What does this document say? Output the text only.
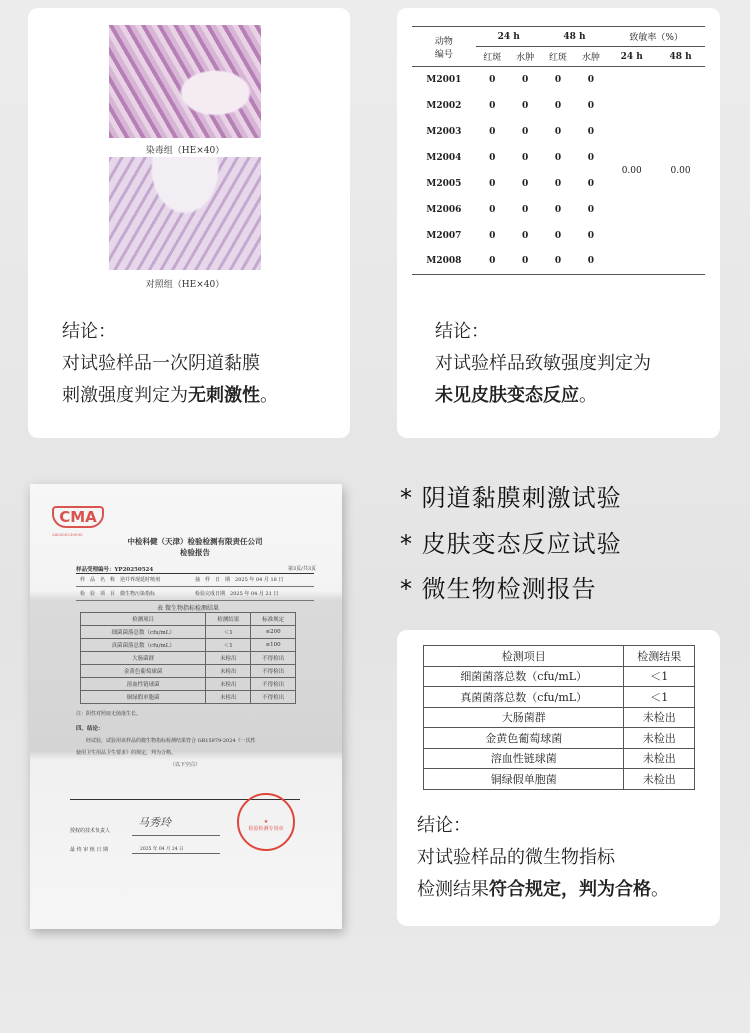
染毒组（HE×40）
对照组（HE×40）
结论：
对试验样品一次阴道黏膜
刺激强度判定为无刺激性。
动物
编号	24 h		48 h		致敏率（%）	
	红斑	水肿	红斑	水肿	24 h	48 h
M2001	0	0	0	0	0.00	0.00
M2002	0	0	0	0		
M2003	0	0	0	0		
M2004	0	0	0	0		
M2005	0	0	0	0		
M2006	0	0	0	0		
M2007	0	0	0	0		
M2008	0	0	0	0		
结论：
对试验样品致敏强度判定为
未见皮肤变态反应。
* 阴道黏膜刺激试验
* 皮肤变态反应试验
* 微生物检测报告
CMA
240200230095
中检科健（天津）检验检测有限责任公司
检验报告
样品受理编号：YP20250524	第3页/共3页
样　品　名　称　 逆并界现延时喷剂	抽　样　日　期　 2025 年 04 月 18 日
检　验　项　目　 微生物污染指标	检验完成日期　 2025 年 04 月 21 日
表 微生物指标检测结果
检测项目	检测结果	标准规定
细菌菌落总数（cfu/mL）	＜1	≤200
真菌菌落总数（cfu/mL）	＜1	≤100
大肠菌群	未检出	不得检出
金黄色葡萄球菌	未检出	不得检出
溶血性链球菌	未检出	不得检出
铜绿假单胞菌	未检出	不得检出
注：阴性对照皿无菌落生长。
四、结论：
经试验，试验用该样品的微生物指标检测结果符合 GB15979-2024《一次性
使用卫生用品卫生要求》的规定，判为合格。
（以下空白）
授权的技术负责人
马秀玲
最 终 审 核 日 期	2025 年 04 月 24 日
★
检验检测专用章
检测项目	检测结果
细菌菌落总数（cfu/mL）	＜1
真菌菌落总数（cfu/mL）	＜1
大肠菌群	未检出
金黄色葡萄球菌	未检出
溶血性链球菌	未检出
铜绿假单胞菌	未检出
结论：
对试验样品的微生物指标
检测结果符合规定，判为合格。
